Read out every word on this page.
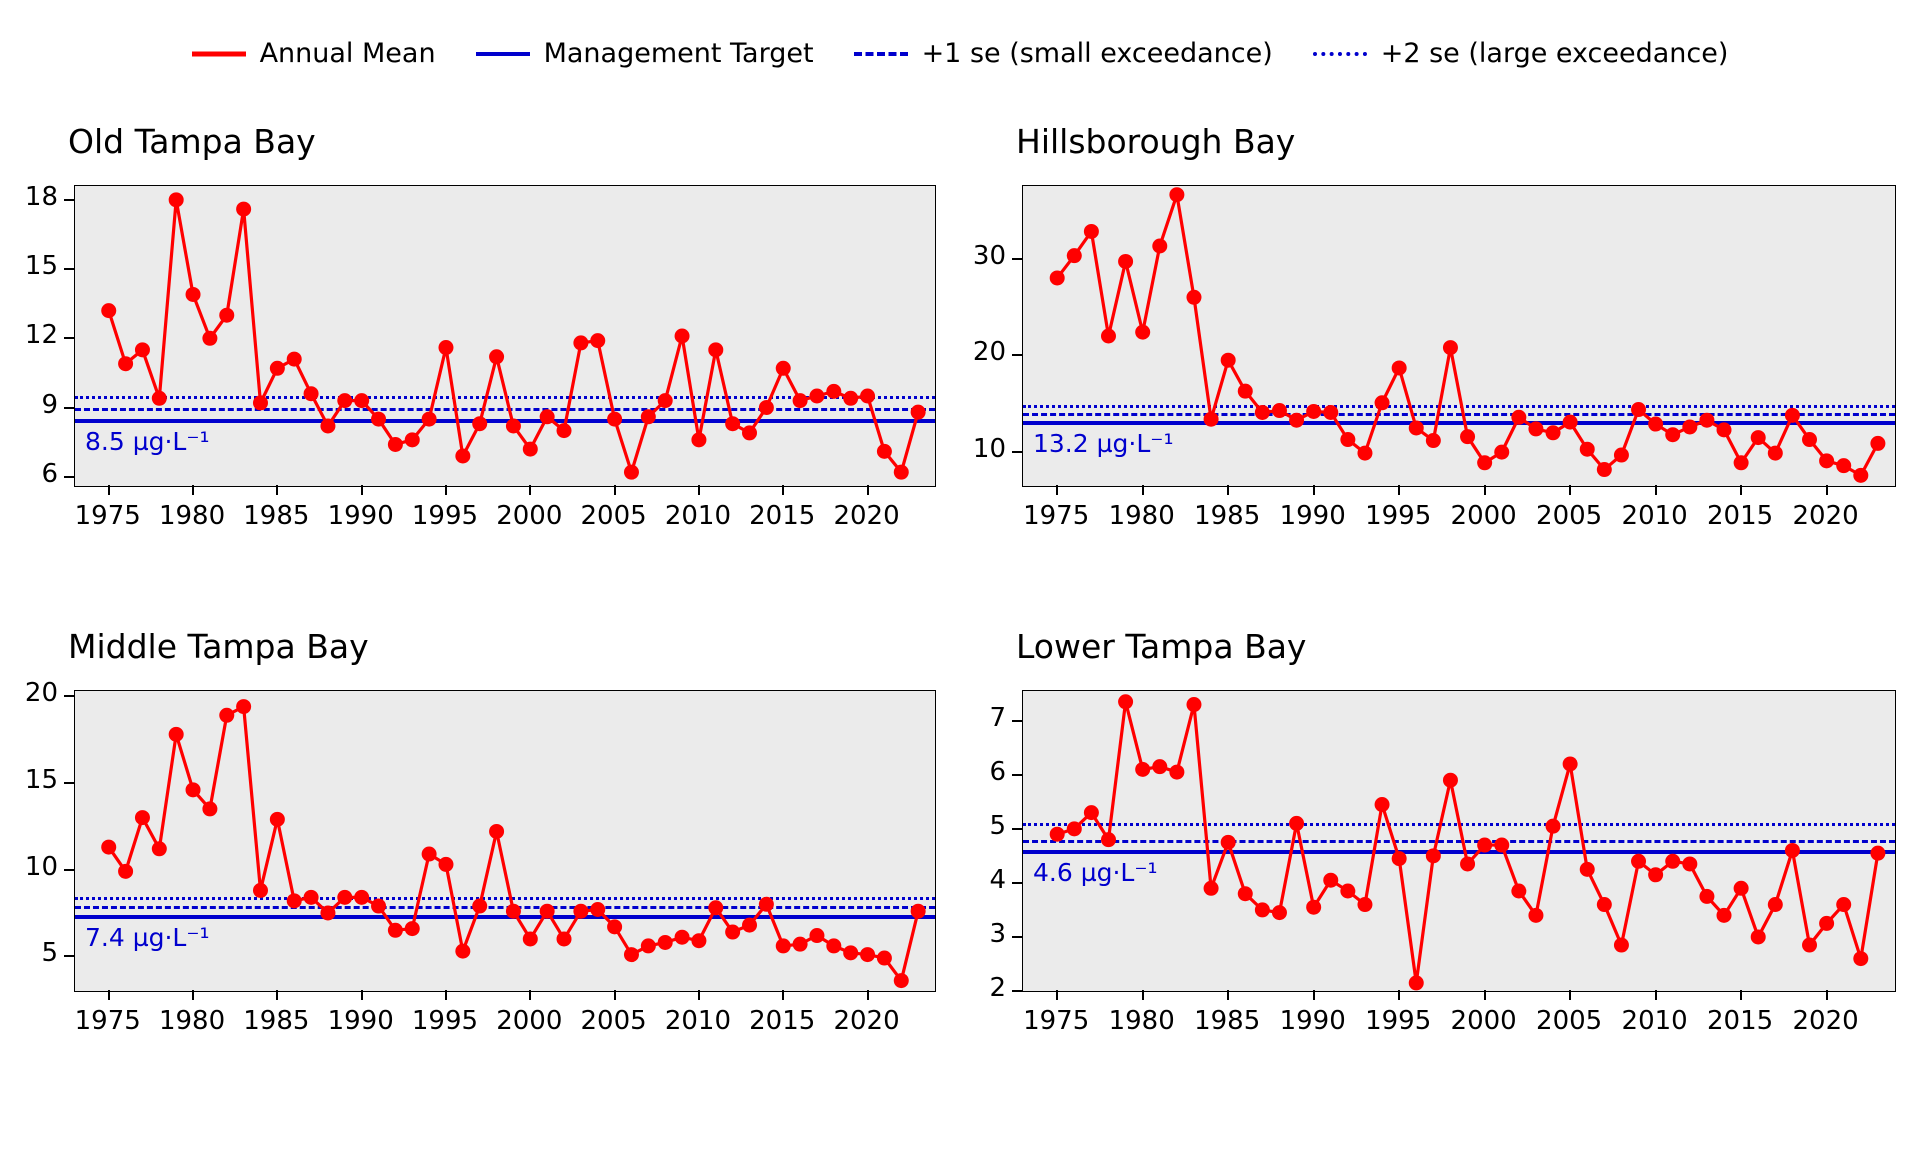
Annual Mean	Management Target	+1 se (small exceedance)	+2 se (large exceedance)
Old Tampa Bay
8.5 µg·L⁻¹
6
9
12
15
18
1975 1980 1985 1990 1995 2000 2005 2010 2015 2020
Hillsborough Bay
13.2 µg·L⁻¹
10
20
30
1975 1980 1985 1990 1995 2000 2005 2010 2015 2020
Middle Tampa Bay
7.4 µg·L⁻¹
5
10
15
20
1975 1980 1985 1990 1995 2000 2005 2010 2015 2020
Lower Tampa Bay
4.6 µg·L⁻¹
2
3
4
5
6
7
1975 1980 1985 1990 1995 2000 2005 2010 2015 2020
